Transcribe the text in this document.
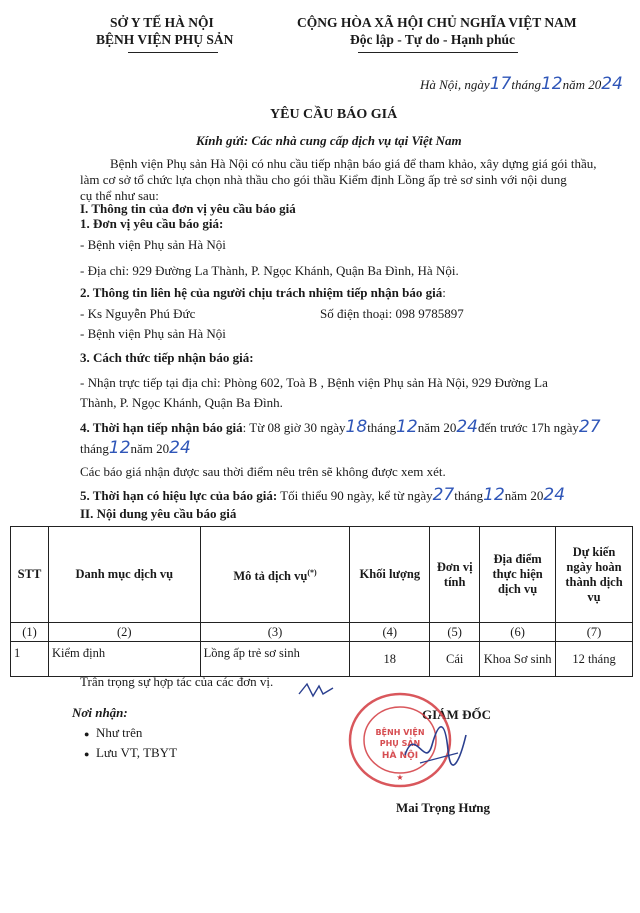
SỞ Y TẾ HÀ NỘI
BỆNH VIỆN PHỤ SẢN
CỘNG HÒA XÃ HỘI CHỦ NGHĨA VIỆT NAM
Độc lập - Tự do - Hạnh phúc
Hà Nội, ngày17tháng12năm 2024
YÊU CẦU BÁO GIÁ
Kính gửi: Các nhà cung cấp dịch vụ tại Việt Nam
Bệnh viện Phụ sản Hà Nội có nhu cầu tiếp nhận báo giá để tham khảo, xây dựng giá gói thầu,
làm cơ sở tổ chức lựa chọn nhà thầu cho gói thầu Kiểm định Lồng ấp trẻ sơ sinh với nội dung
cụ thể như sau:
I. Thông tin của đơn vị yêu cầu báo giá
1. Đơn vị yêu cầu báo giá:
- Bệnh viện Phụ sản Hà Nội
- Địa chỉ: 929 Đường La Thành, P. Ngọc Khánh, Quận Ba Đình, Hà Nội.
2. Thông tin liên hệ của người chịu trách nhiệm tiếp nhận báo giá:
- Ks Nguyễn Phú Đức	Số điện thoại: 098 9785897
- Bệnh viện Phụ sản Hà Nội
3. Cách thức tiếp nhận báo giá:
- Nhận trực tiếp tại địa chỉ: Phòng 602, Toà B , Bệnh viện Phụ sản Hà Nội, 929 Đường La
Thành, P. Ngọc Khánh, Quận Ba Đình.
4. Thời hạn tiếp nhận báo giá: Từ 08 giờ 30 ngày18tháng12năm 2024đến trước 17h ngày27
tháng12năm 2024
Các báo giá nhận được sau thời điểm nêu trên sẽ không được xem xét.
5. Thời hạn có hiệu lực của báo giá: Tối thiểu 90 ngày, kể từ ngày27tháng12năm 2024
II. Nội dung yêu cầu báo giá
STT	Danh mục dịch vụ	Mô tả dịch vụ(*)	Khối lượng	Đơn vị tính	Địa điểm thực hiện dịch vụ	Dự kiến ngày hoàn thành dịch vụ
(1)	(2)	(3)	(4)	(5)	(6)	(7)
1	Kiểm định	Lồng ấp trẻ sơ sinh	18	Cái	Khoa Sơ sinh	12 tháng
Trân trọng sự hợp tác của các đơn vị.
Nơi nhận:
● Như trên
● Lưu VT, TBYT
GIÁM ĐỐC
BỆNH VIỆN
PHỤ SẢN
HÀ NỘI
★
Mai Trọng Hưng
